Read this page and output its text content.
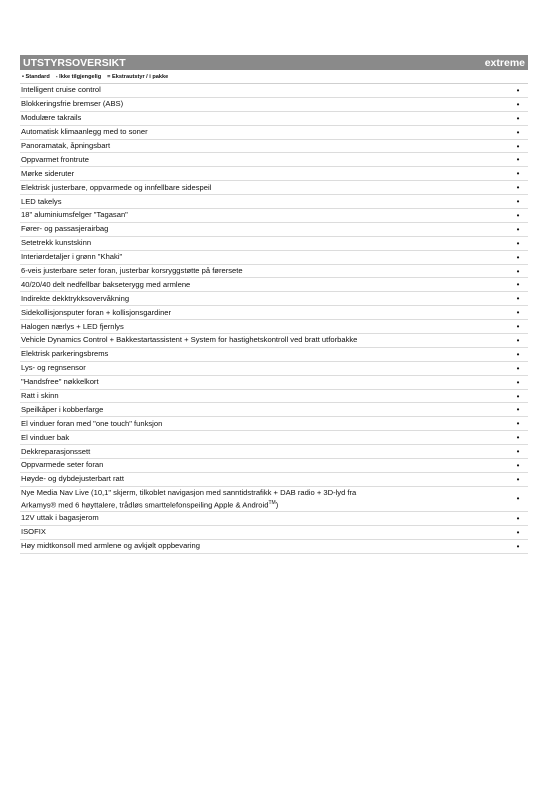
UTSTYRSOVERSIKT	extreme
• Standard - Ikke tilgjengelig = Ekstrautstyr / i pakke
Intelligent cruise control	•
Blokkeringsfrie bremser (ABS)	•
Modulære takrails	•
Automatisk klimaanlegg med to soner	•
Panoramatak, åpningsbart	•
Oppvarmet frontrute	•
Mørke sideruter	•
Elektrisk justerbare, oppvarmede og innfellbare sidespeil	•
LED takelys	•
18" aluminiumsfelger "Tagasan"	•
Fører- og passasjerairbag	•
Setetrekk kunstskinn	•
Interiørdetaljer i grønn "Khaki"	•
6-veis justerbare seter foran, justerbar korsryggstøtte på førersete	•
40/20/40 delt nedfellbar bakseterygg med armlene	•
Indirekte dekktrykksovervåkning	•
Sidekollisjonsputer foran + kollisjonsgardiner	•
Halogen nærlys + LED fjernlys	•
Vehicle Dynamics Control + Bakkestartassistent + System for hastighetskontroll ved bratt utforbakke	•
Elektrisk parkeringsbrems	•
Lys- og regnsensor	•
"Handsfree" nøkkelkort	•
Ratt i skinn	•
Speilkåper i kobberfarge	•
El vinduer foran med "one touch" funksjon	•
El vinduer bak	•
Dekkreparasjonssett	•
Oppvarmede seter foran	•
Høyde- og dybdejusterbart ratt	•
Nye Media Nav Live (10,1" skjerm, tilkoblet navigasjon med sanntidstrafikk + DAB radio + 3D-lyd fra
Arkamys® med 6 høyttalere, trådløs smarttelefonspeiling Apple & Android™)
•
12V uttak i bagasjerom	•
ISOFIX	•
Høy midtkonsoll med armlene og avkjølt oppbevaring	•
